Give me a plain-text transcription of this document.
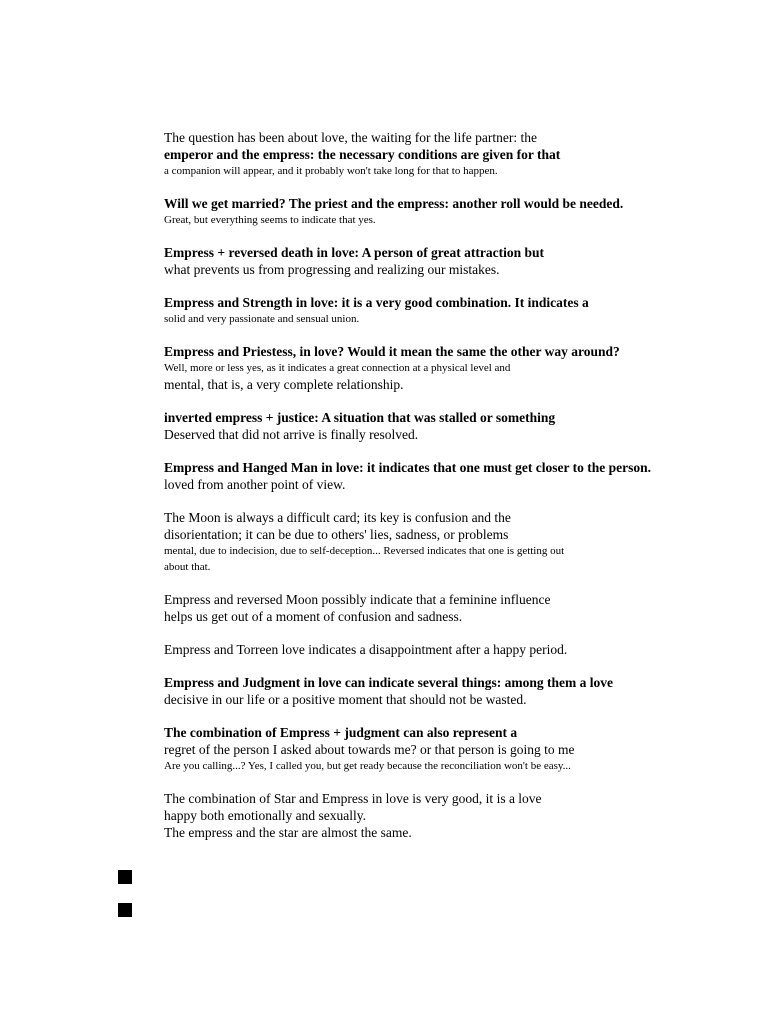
The question has been about love, the waiting for the life partner: the
emperor and the empress: the necessary conditions are given for that
a companion will appear, and it probably won't take long for that to happen.
Will we get married? The priest and the empress: another roll would be needed.
Great, but everything seems to indicate that yes.
Empress + reversed death in love: A person of great attraction but
what prevents us from progressing and realizing our mistakes.
Empress and Strength in love: it is a very good combination. It indicates a
solid and very passionate and sensual union.
Empress and Priestess, in love? Would it mean the same the other way around?
Well, more or less yes, as it indicates a great connection at a physical level and
mental, that is, a very complete relationship.
inverted empress + justice: A situation that was stalled or something
Deserved that did not arrive is finally resolved.
Empress and Hanged Man in love: it indicates that one must get closer to the person.
loved from another point of view.
The Moon is always a difficult card; its key is confusion and the
disorientation; it can be due to others' lies, sadness, or problems
mental, due to indecision, due to self-deception... Reversed indicates that one is getting out
about that.
Empress and reversed Moon possibly indicate that a feminine influence
helps us get out of a moment of confusion and sadness.
Empress and Torreen love indicates a disappointment after a happy period.
Empress and Judgment in love can indicate several things: among them a love
decisive in our life or a positive moment that should not be wasted.
The combination of Empress + judgment can also represent a
regret of the person I asked about towards me? or that person is going to me
Are you calling...? Yes, I called you, but get ready because the reconciliation won't be easy...
The combination of Star and Empress in love is very good, it is a love
happy both emotionally and sexually.
The empress and the star are almost the same.
